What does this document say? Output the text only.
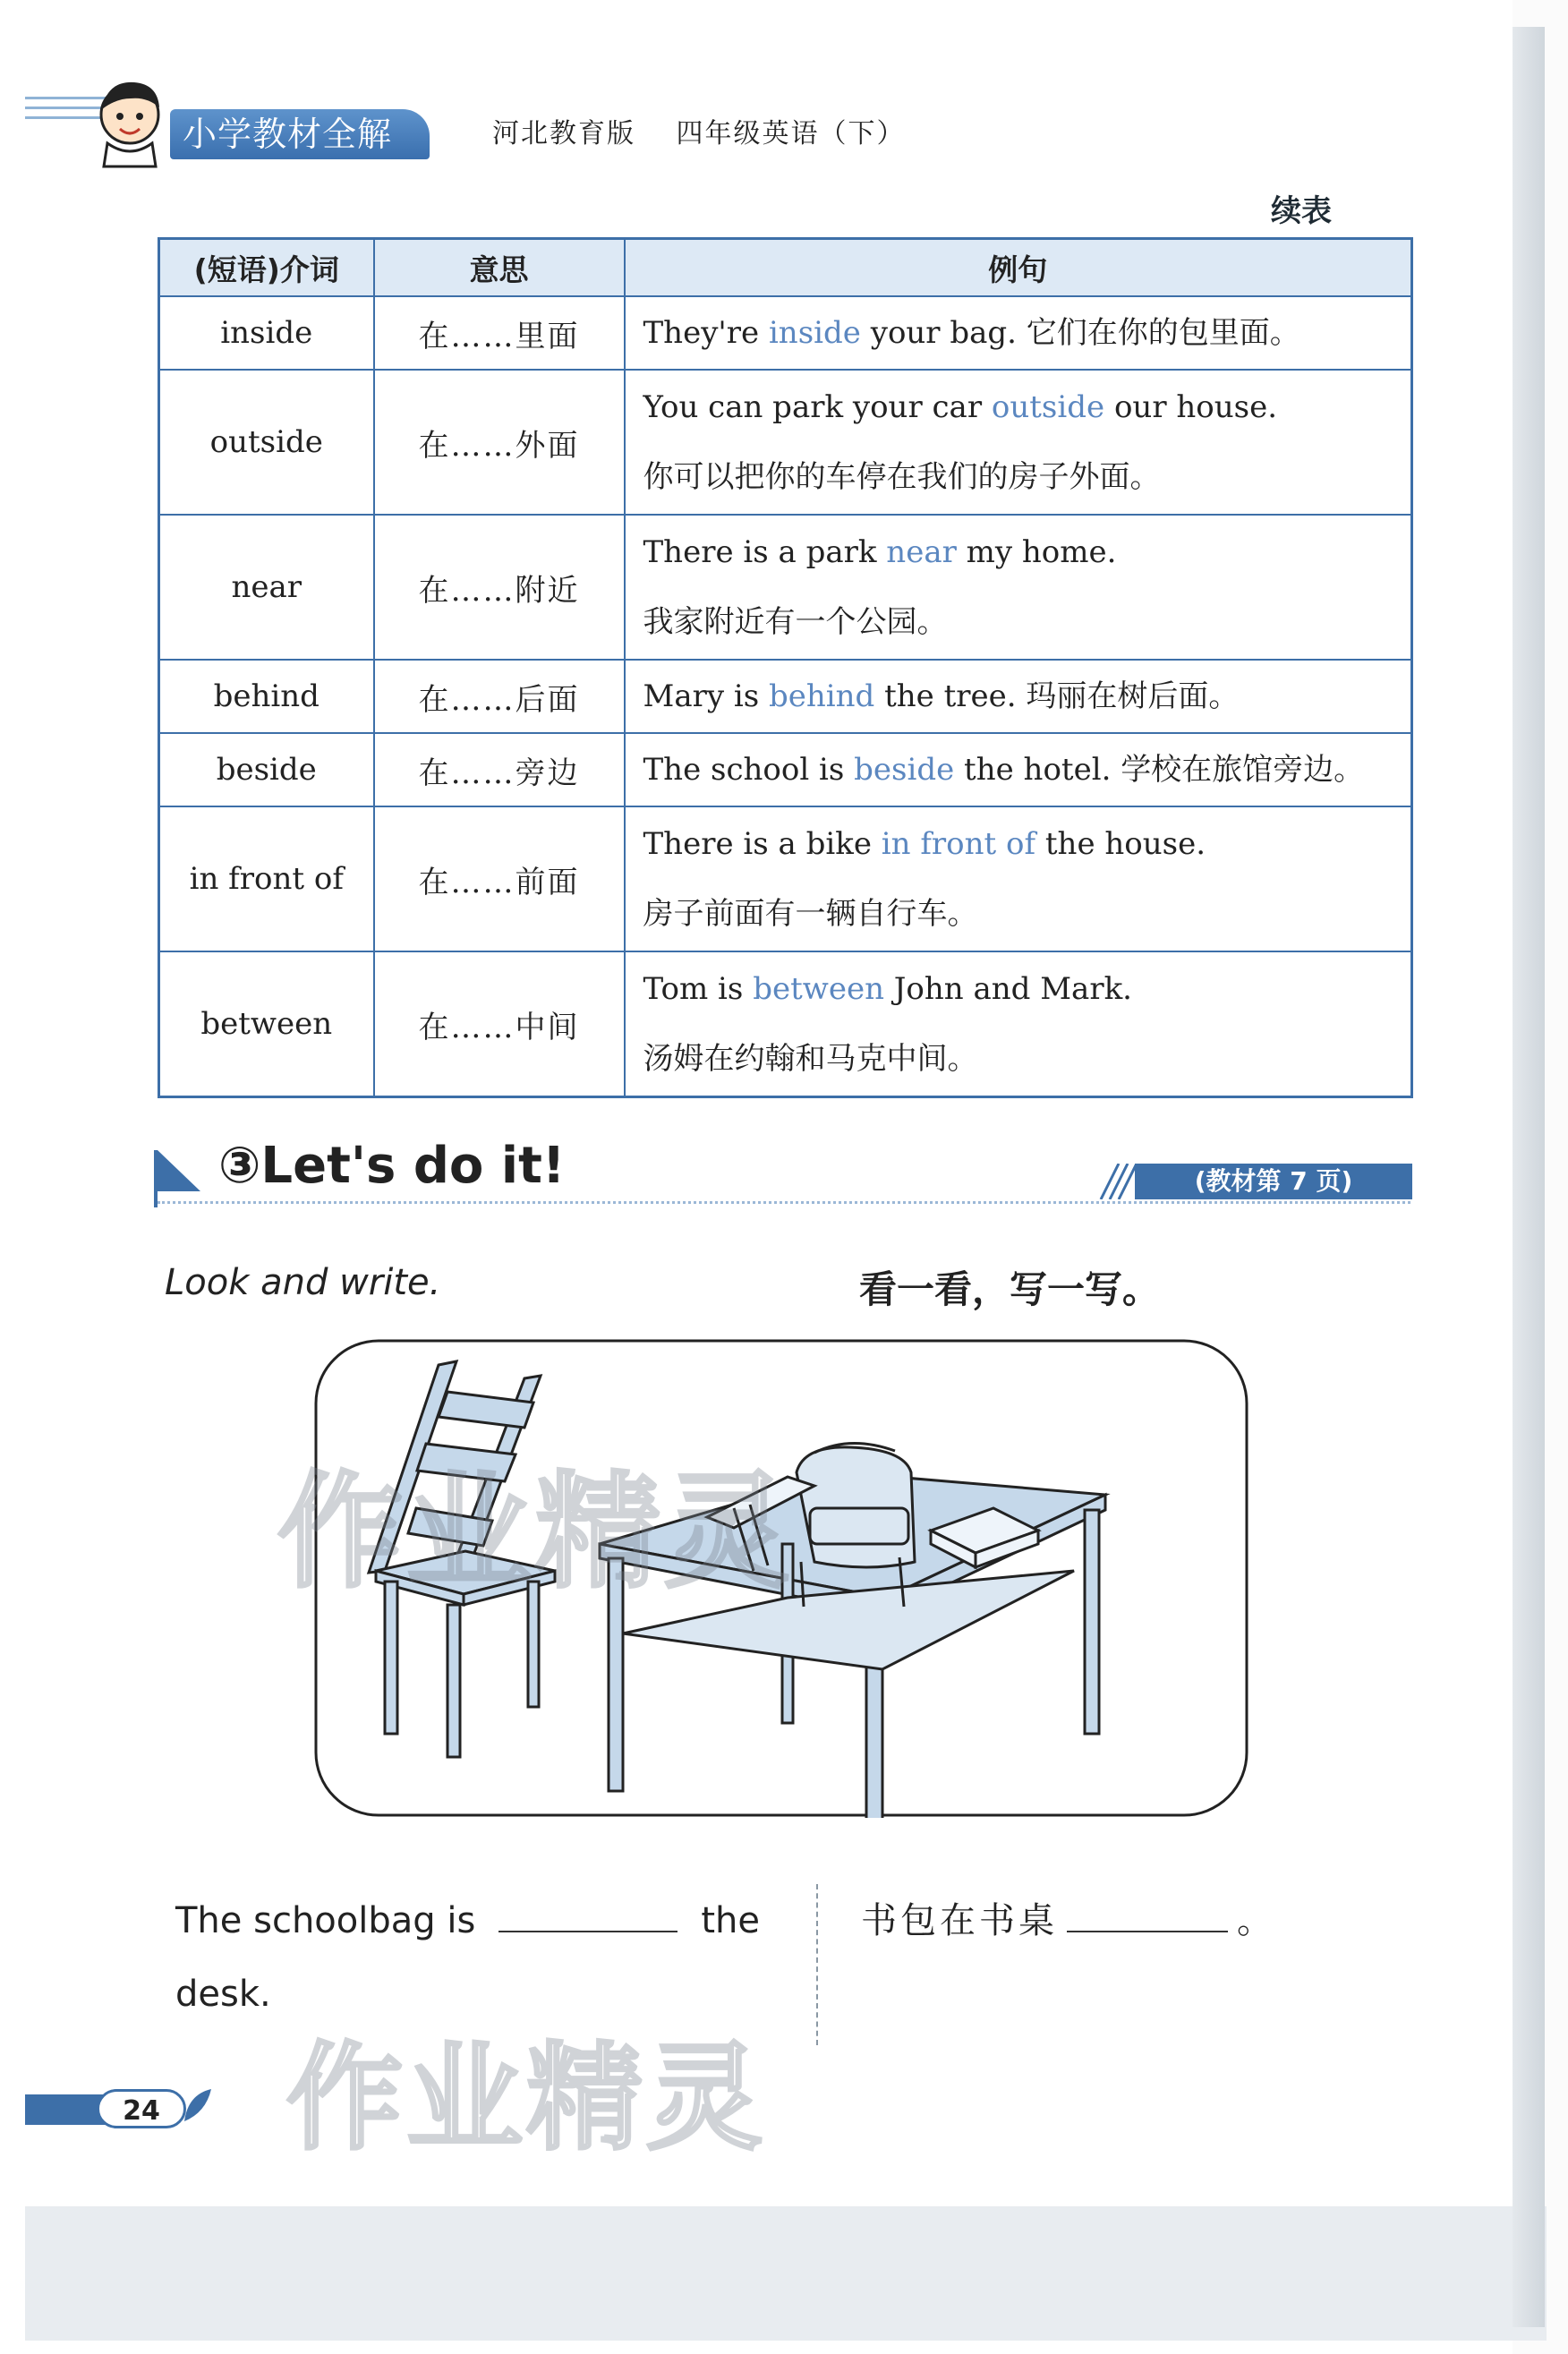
小学教材全解	河北教育版 四年级英语（下）
续表
(短语)介词	意思	例句
inside	在……里面	They're inside your bag. 它们在你的包里面。

outside	在……外面	You can park your car outside our house.
你可以把你的车停在我们的房子外面。

near	在……附近	There is a park near my home.
我家附近有一个公园。

behind	在……后面	Mary is behind the tree. 玛丽在树后面。

beside	在……旁边	The school is beside the hotel. 学校在旅馆旁边。

in front of	在……前面	There is a bike in front of the house.
房子前面有一辆自行车。

between	在……中间	Tom is between John and Mark.
汤姆在约翰和马克中间。
③Let's do it!	(教材第 7 页)
Look and write.	看一看，写一写。
作业精灵
The schoolbag is	the
desk.
书包在书桌	。
作业精灵
24
